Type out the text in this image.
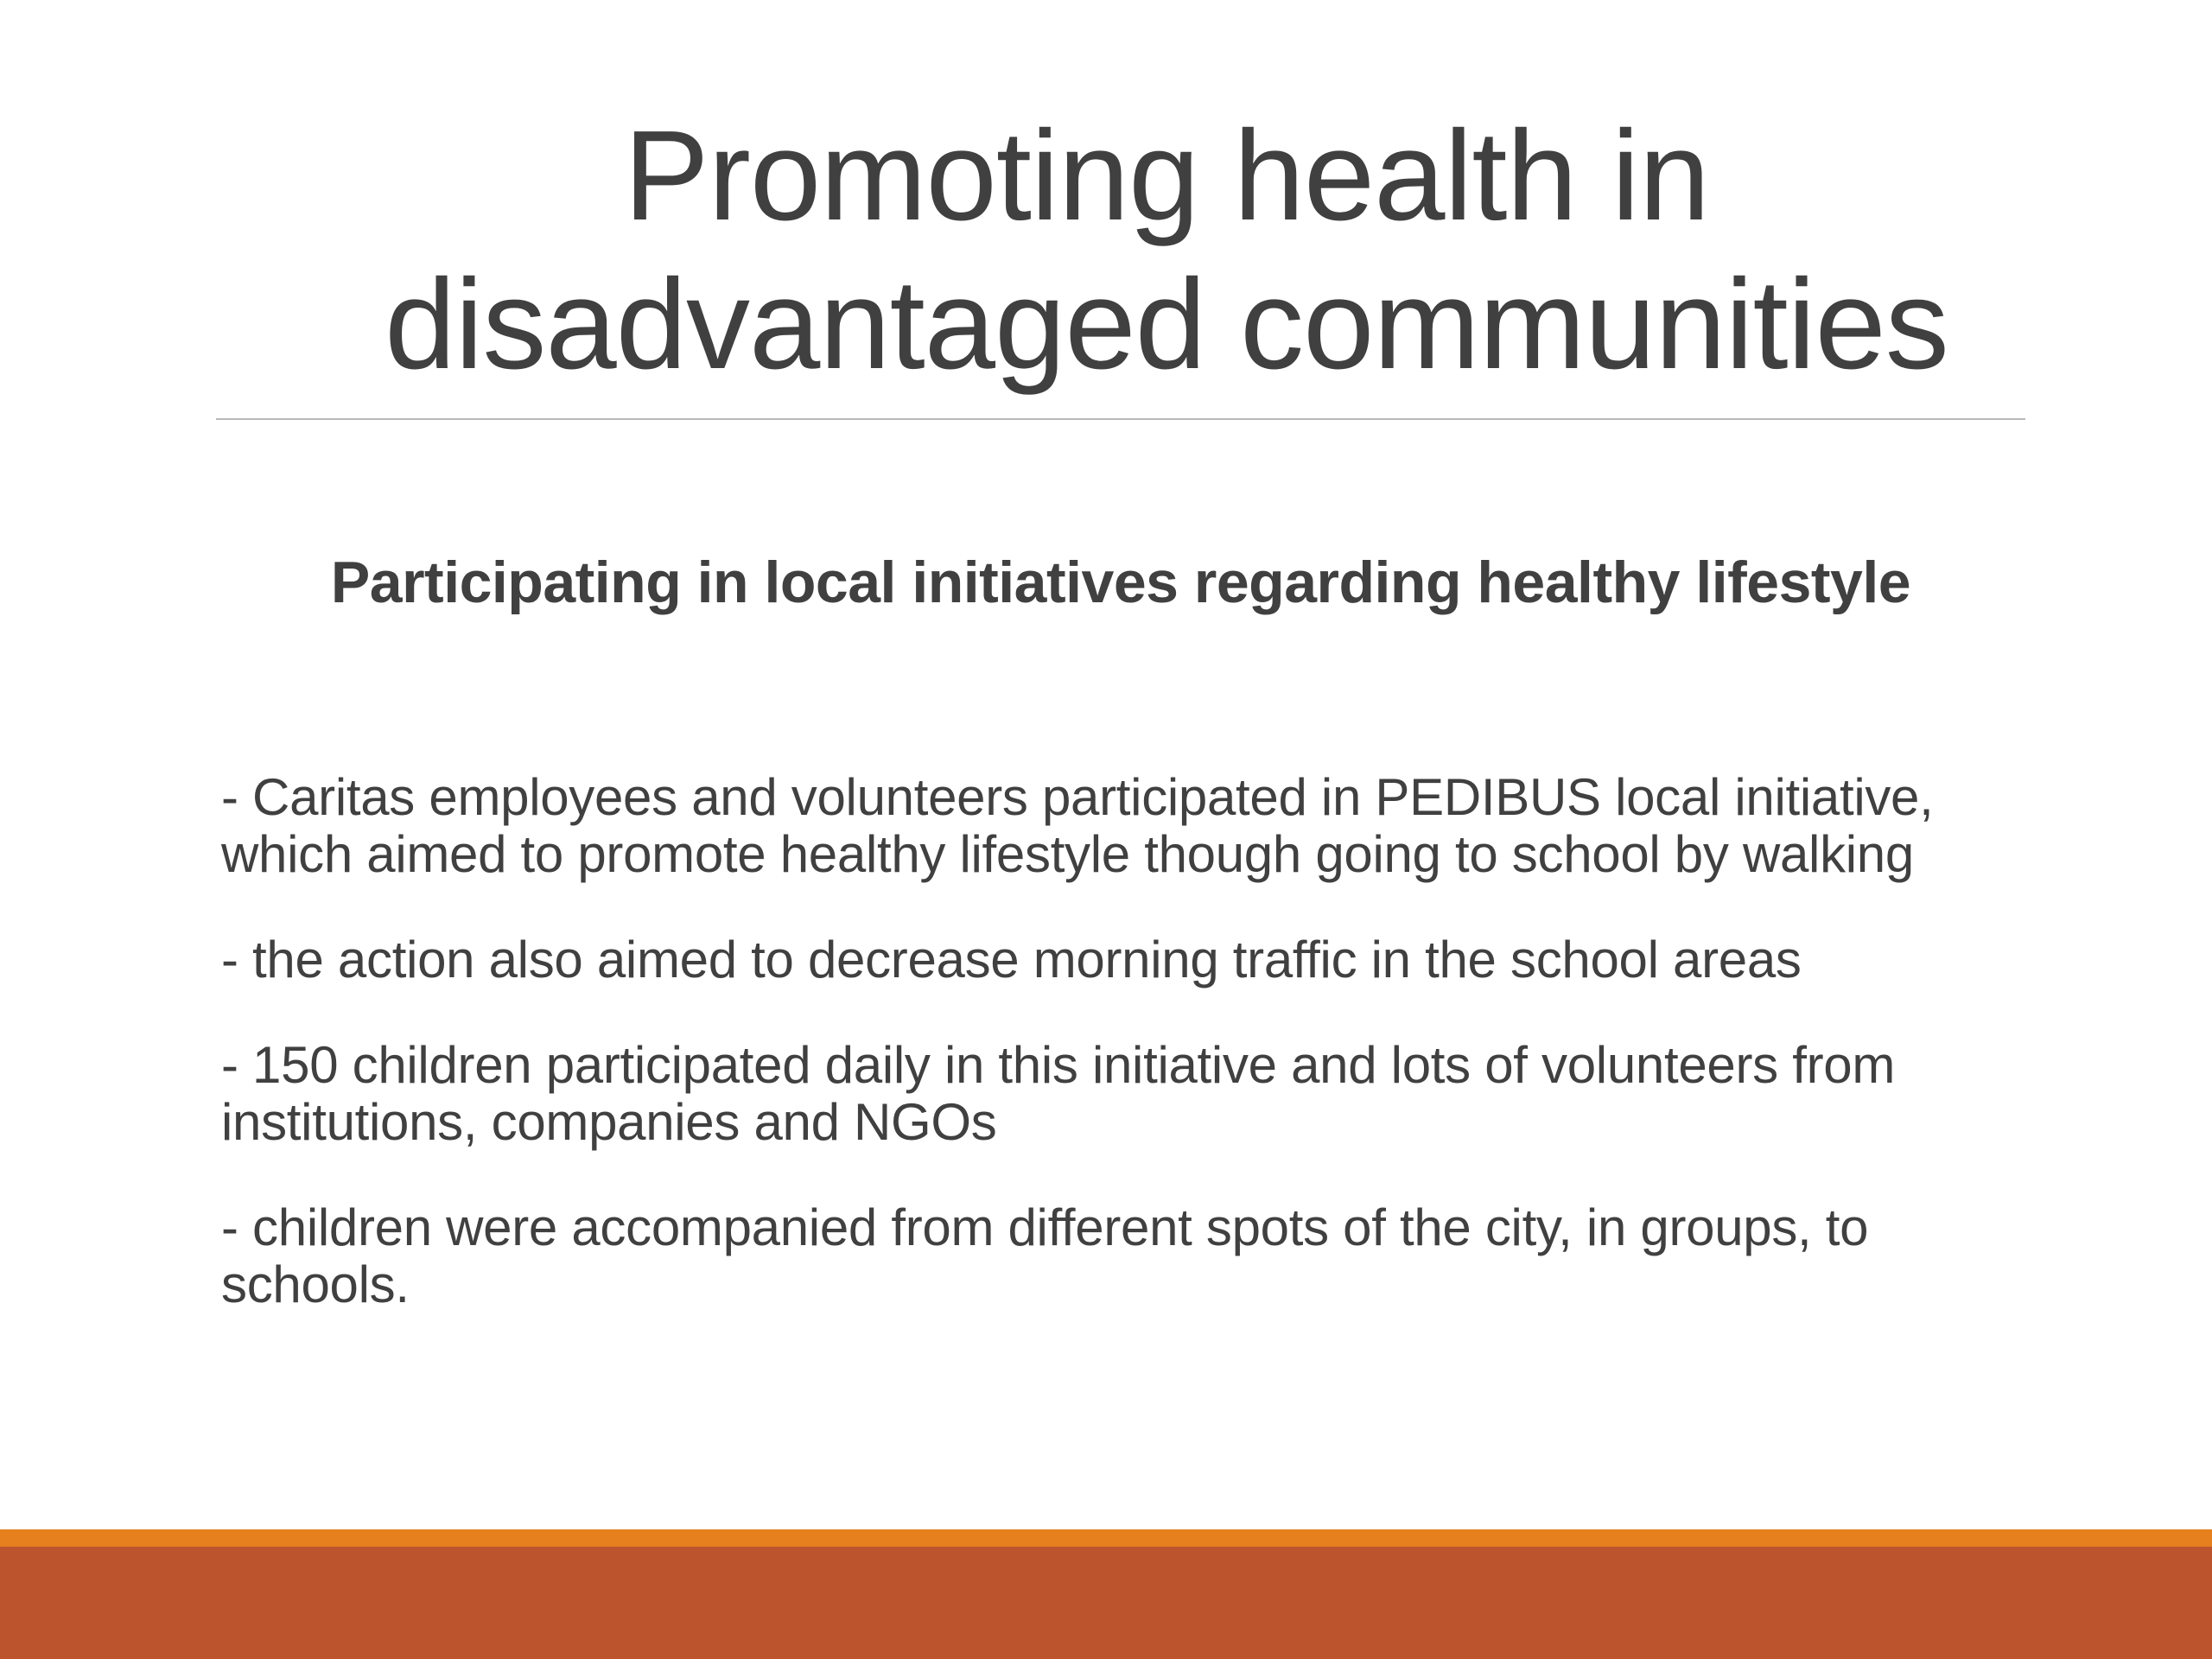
Promoting health in
disadvantaged communities
Participating in local initiatives regarding healthy lifestyle
- Caritas employees and volunteers participated in PEDIBUS local initiative, which aimed to promote healthy lifestyle though going to school by walking
- the action also aimed to decrease morning traffic in the school areas
- 150 children participated daily in this initiative and lots of volunteers from institutions, companies and NGOs
- children were accompanied from different spots of the city, in groups, to schools.
